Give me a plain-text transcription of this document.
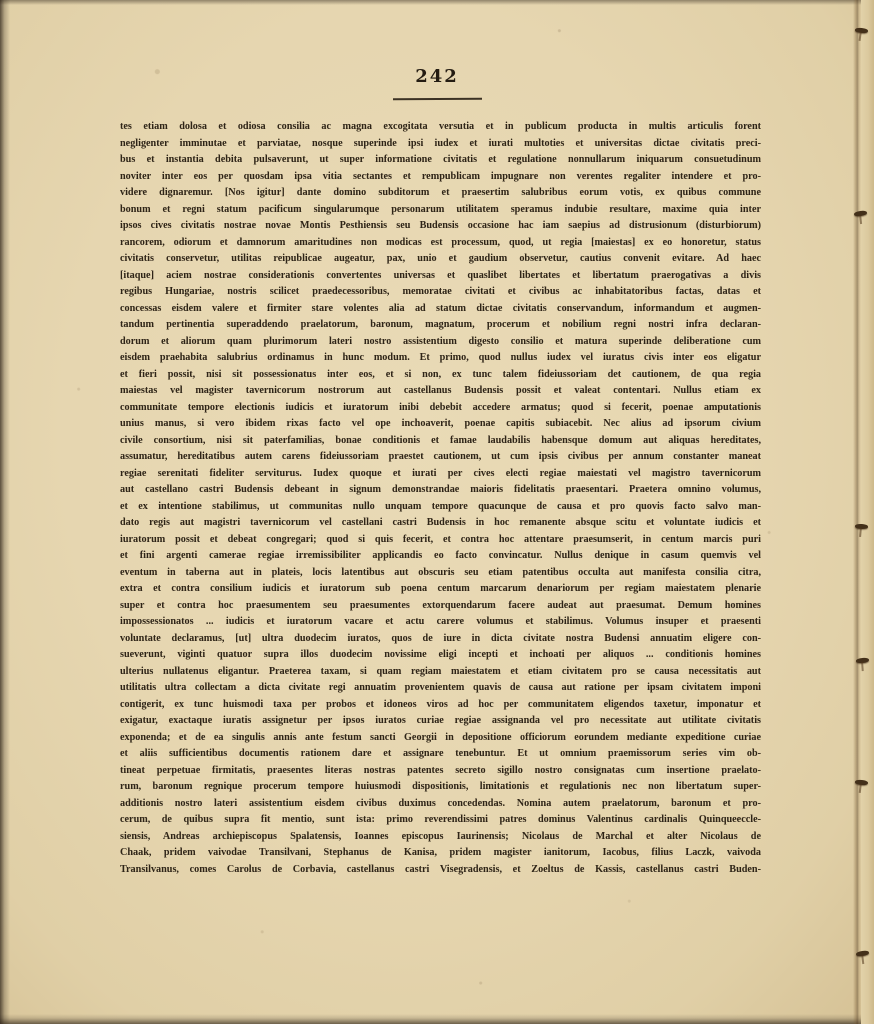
242
tes etiam dolosa et odiosa consilia ac magna excogitata versutia et in publicum producta in multis articulis forent
negligenter imminutae et parviatae, nosque superinde ipsi iudex et iurati multoties et universitas dictae civitatis preci-
bus et instantia debita pulsaverunt, ut super informatione civitatis et regulatione nonnullarum iniquarum consuetudinum
noviter inter eos per quosdam ipsa vitia sectantes et rempublicam impugnare non verentes regaliter intendere et pro-
videre dignaremur. [Nos igitur] dante domino subditorum et praesertim salubribus eorum votis, ex quibus commune
bonum et regni statum pacificum singularumque personarum utilitatem speramus indubie resultare, maxime quia inter
ipsos cives civitatis nostrae novae Montis Pesthiensis seu Budensis occasione hac iam saepius ad distrusionum (disturbiorum)
rancorem, odiorum et damnorum amaritudines non modicas est processum, quod, ut regia [maiestas] ex eo honoretur, status
civitatis conservetur, utilitas reipublicae augeatur, pax, unio et gaudium observetur, cautius convenit evitare. Ad haec
[itaque] aciem nostrae considerationis convertentes universas et quaslibet libertates et libertatum praerogativas a divis
regibus Hungariae, nostris scilicet praedecessoribus, memoratae civitati et civibus ac inhabitatoribus factas, datas et
concessas eisdem valere et firmiter stare volentes alia ad statum dictae civitatis conservandum, informandum et augmen-
tandum pertinentia superaddendo praelatorum, baronum, magnatum, procerum et nobilium regni nostri infra declaran-
dorum et aliorum quam plurimorum lateri nostro assistentium digesto consilio et matura superinde deliberatione cum
eisdem praehabita salubrius ordinamus in hunc modum. Et primo, quod nullus iudex vel iuratus civis inter eos eligatur
et fieri possit, nisi sit possessionatus inter eos, et si non, ex tunc talem fideiussoriam det cautionem, de qua regia
maiestas vel magister tavernicorum nostrorum aut castellanus Budensis possit et valeat contentari. Nullus etiam ex
communitate tempore electionis iudicis et iuratorum inibi debebit accedere armatus; quod si fecerit, poenae amputationis
unius manus, si vero ibidem rixas facto vel ope inchoaverit, poenae capitis subiacebit. Nec alius ad ipsorum civium
civile consortium, nisi sit paterfamilias, bonae conditionis et famae laudabilis habensque domum aut aliquas hereditates,
assumatur, hereditatibus autem carens fideiussoriam praestet cautionem, ut cum ipsis civibus per annum constanter maneat
regiae serenitati fideliter serviturus. Iudex quoque et iurati per cives electi regiae maiestati vel magistro tavernicorum
aut castellano castri Budensis debeant in signum demonstrandae maioris fidelitatis praesentari. Praetera omnino volumus,
et ex intentione stabilimus, ut communitas nullo unquam tempore quacunque de causa et pro quovis facto salvo man-
dato regis aut magistri tavernicorum vel castellani castri Budensis in hoc remanente absque scitu et voluntate iudicis et
iuratorum possit et debeat congregari; quod si quis fecerit, et contra hoc attentare praesumserit, in centum marcis puri
et fini argenti camerae regiae irremissibiliter applicandis eo facto convincatur. Nullus denique in casum quemvis vel
eventum in taberna aut in plateis, locis latentibus aut obscuris seu etiam patentibus occulta aut manifesta consilia citra,
extra et contra consilium iudicis et iuratorum sub poena centum marcarum denariorum per regiam maiestatem plenarie
super et contra hoc praesumentem seu praesumentes extorquendarum facere audeat aut praesumat. Demum homines
impossessionatos ... iudicis et iuratorum vacare et actu carere volumus et stabilimus. Volumus insuper et praesenti
voluntate declaramus, [ut] ultra duodecim iuratos, quos de iure in dicta civitate nostra Budensi annuatim eligere con-
sueverunt, viginti quatuor supra illos duodecim novissime eligi incepti et inchoati per aliquos ... conditionis homines
ulterius nullatenus eligantur. Praeterea taxam, si quam regiam maiestatem et etiam civitatem pro se causa necessitatis aut
utilitatis ultra collectam a dicta civitate regi annuatim provenientem quavis de causa aut ratione per ipsam civitatem imponi
contigerit, ex tunc huismodi taxa per probos et idoneos viros ad hoc per communitatem eligendos taxetur, imponatur et
exigatur, exactaque iuratis assignetur per ipsos iuratos curiae regiae assignanda vel pro necessitate aut utilitate civitatis
exponenda; et de ea singulis annis ante festum sancti Georgii in depositione officiorum eorundem mediante expeditione curiae
et aliis sufficientibus documentis rationem dare et assignare tenebuntur. Et ut omnium praemissorum series vim ob-
tineat perpetuae firmitatis, praesentes literas nostras patentes secreto sigillo nostro consignatas cum insertione praelato-
rum, baronum regnique procerum tempore huiusmodi dispositionis, limitationis et regulationis nec non libertatum super-
additionis nostro lateri assistentium eisdem civibus duximus concedendas. Nomina autem praelatorum, baronum et pro-
cerum, de quibus supra fit mentio, sunt ista: primo reverendissimi patres dominus Valentinus cardinalis Quinqueeccle-
siensis, Andreas archiepiscopus Spalatensis, Ioannes episcopus Iaurinensis; Nicolaus de Marchal et alter Nicolaus de
Chaak, pridem vaivodae Transilvani, Stephanus de Kanisa, pridem magister ianitorum, Iacobus, filius Laczk, vaivoda
Transilvanus, comes Carolus de Corbavia, castellanus castri Visegradensis, et Zoeltus de Kassis, castellanus castri Buden-
